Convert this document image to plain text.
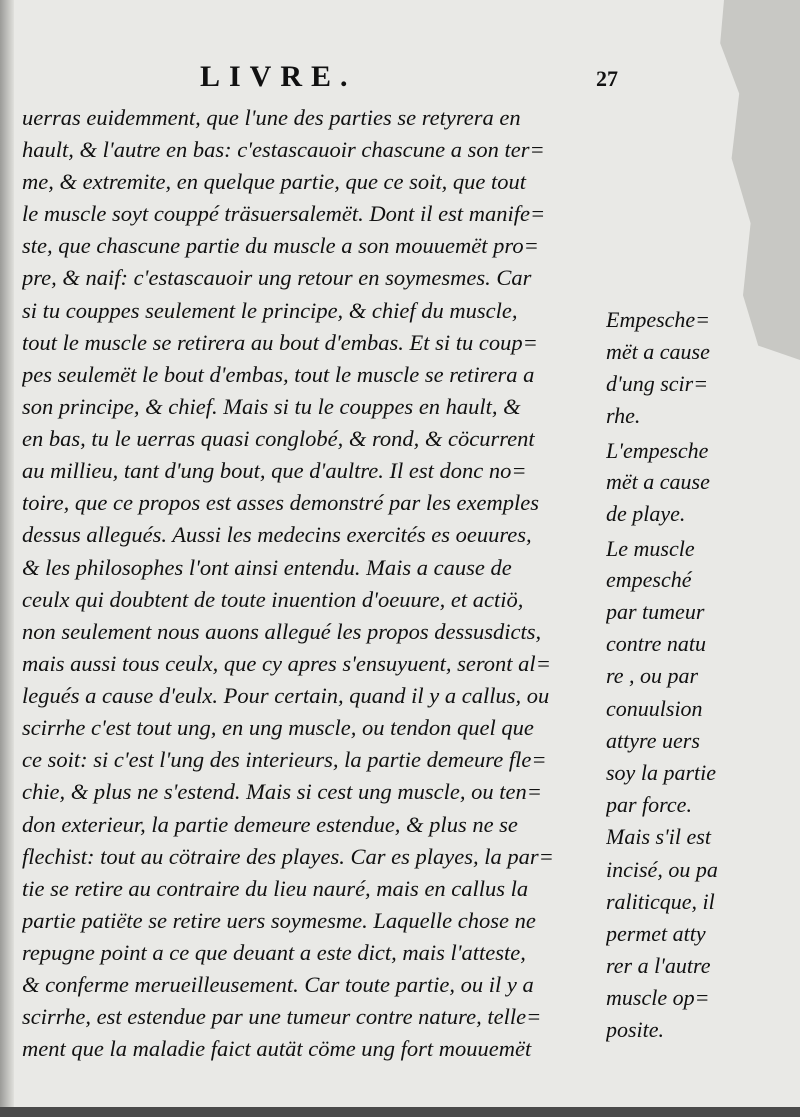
LIVRE.	27
uerras euidemment, que l'une des parties se retyrera en
hault, & l'autre en bas: c'estascauoir chascune a son ter=
me, & extremite, en quelque partie, que ce soit, que tout
le muscle soyt couppé träsuersalemët. Dont il est manife=
ste, que chascune partie du muscle a son mouuemët pro=
pre, & naif: c'estascauoir ung retour en soymesmes. Car
si tu couppes seulement le principe, & chief du muscle,
tout le muscle se retirera au bout d'embas. Et si tu coup=
pes seulemët le bout d'embas, tout le muscle se retirera a
son principe, & chief. Mais si tu le couppes en hault, &
en bas, tu le uerras quasi conglobé, & rond, & cöcurrent
au millieu, tant d'ung bout, que d'aultre. Il est donc no=
toire, que ce propos est asses demonstré par les exemples
dessus allegués. Aussi les medecins exercités es oeuures,
& les philosophes l'ont ainsi entendu. Mais a cause de
ceulx qui doubtent de toute inuention d'oeuure, et actiö,
non seulement nous auons allegué les propos dessusdicts,
mais aussi tous ceulx, que cy apres s'ensuyuent, seront al=
legués a cause d'eulx. Pour certain, quand il y a callus, ou
scirrhe c'est tout ung, en ung muscle, ou tendon quel que
ce soit: si c'est l'ung des interieurs, la partie demeure fle=
chie, & plus ne s'estend. Mais si cest ung muscle, ou ten=
don exterieur, la partie demeure estendue, & plus ne se
flechist: tout au cötraire des playes. Car es playes, la par=
tie se retire au contraire du lieu nauré, mais en callus la
partie patiëte se retire uers soymesme. Laquelle chose ne
repugne point a ce que deuant a este dict, mais l'atteste,
& conferme merueilleusement. Car toute partie, ou il y a
scirrhe, est estendue par une tumeur contre nature, telle=
ment que la maladie faict autät cöme ung fort mouuemët
Empesche=
mët a cause
d'ung scir=
rhe.
L'empesche
mët a cause
de playe.
Le muscle
empesché
par tumeur
contre natu
re , ou par
conuulsion
attyre uers
soy la partie
par force.
Mais s'il est
incisé, ou pa
raliticque, il
permet atty
rer a l'autre
muscle op=
posite.
